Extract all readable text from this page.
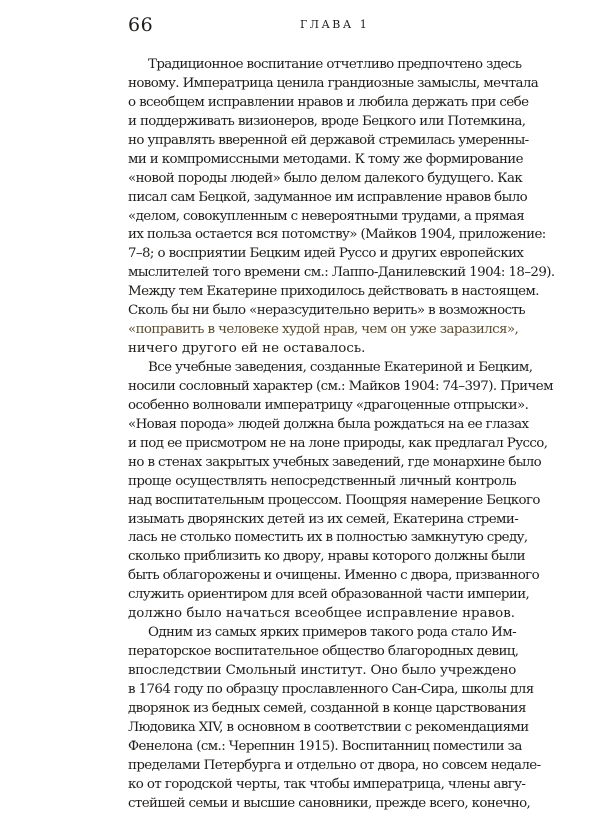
66	ГЛАВА 1

Традиционное воспитание отчетливо предпочтено здесь
новому. Императрица ценила грандиозные замыслы, мечтала
о всеобщем исправлении нравов и любила держать при себе
и поддерживать визионеров, вроде Бецкого или Потемкина,
но управлять вверенной ей державой стремилась умеренны-
ми и компромиссными методами. К тому же формирование
«новой породы людей» было делом далекого будущего. Как
писал сам Бецкой, задуманное им исправление нравов было
«делом, совокупленным с невероятными трудами, а прямая
их польза остается вся потомству» (Майков 1904, приложение:
7–8; о восприятии Бецким идей Руссо и других европейских
мыслителей того времени см.: Лаппо-Данилевский 1904: 18–29).
Между тем Екатерине приходилось действовать в настоящем.
Сколь бы ни было «неразсудительно верить» в возможность
«поправить в человеке худой нрав, чем он уже заразился»,
ничего другого ей не оставалось.

Все учебные заведения, созданные Екатериной и Бецким,
носили сословный характер (см.: Майков 1904: 74–397). Причем
особенно волновали императрицу «драгоценные отпрыски».
«Новая порода» людей должна была рождаться на ее глазах
и под ее присмотром не на лоне природы, как предлагал Руссо,
но в стенах закрытых учебных заведений, где монархине было
проще осуществлять непосредственный личный контроль
над воспитательным процессом. Поощряя намерение Бецкого
изымать дворянских детей из их семей, Екатерина стреми-
лась не столько поместить их в полностью замкнутую среду,
сколько приблизить ко двору, нравы которого должны были
быть облагорожены и очищены. Именно с двора, призванного
служить ориентиром для всей образованной части империи,
должно было начаться всеобщее исправление нравов.

Одним из самых ярких примеров такого рода стало Им-
ператорское воспитательное общество благородных девиц,
впоследствии Смольный институт. Оно было учреждено
в 1764 году по образцу прославленного Сан-Сира, школы для
дворянок из бедных семей, созданной в конце царствования
Людовика XIV, в основном в соответствии с рекомендациями
Фенелона (см.: Черепнин 1915). Воспитанниц поместили за
пределами Петербурга и отдельно от двора, но совсем недале-
ко от городской черты, так чтобы императрица, члены авгу-
стейшей семьи и высшие сановники, прежде всего, конечно,
